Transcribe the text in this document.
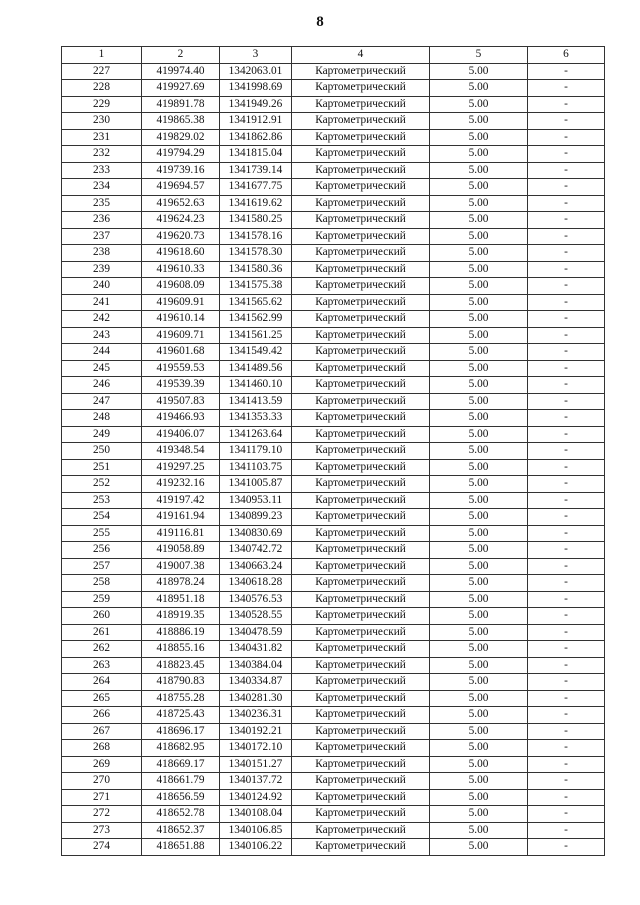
8
1	2	3	4	5	6
227	419974.40	1342063.01	Картометрический	5.00	-
228	419927.69	1341998.69	Картометрический	5.00	-
229	419891.78	1341949.26	Картометрический	5.00	-
230	419865.38	1341912.91	Картометрический	5.00	-
231	419829.02	1341862.86	Картометрический	5.00	-
232	419794.29	1341815.04	Картометрический	5.00	-
233	419739.16	1341739.14	Картометрический	5.00	-
234	419694.57	1341677.75	Картометрический	5.00	-
235	419652.63	1341619.62	Картометрический	5.00	-
236	419624.23	1341580.25	Картометрический	5.00	-
237	419620.73	1341578.16	Картометрический	5.00	-
238	419618.60	1341578.30	Картометрический	5.00	-
239	419610.33	1341580.36	Картометрический	5.00	-
240	419608.09	1341575.38	Картометрический	5.00	-
241	419609.91	1341565.62	Картометрический	5.00	-
242	419610.14	1341562.99	Картометрический	5.00	-
243	419609.71	1341561.25	Картометрический	5.00	-
244	419601.68	1341549.42	Картометрический	5.00	-
245	419559.53	1341489.56	Картометрический	5.00	-
246	419539.39	1341460.10	Картометрический	5.00	-
247	419507.83	1341413.59	Картометрический	5.00	-
248	419466.93	1341353.33	Картометрический	5.00	-
249	419406.07	1341263.64	Картометрический	5.00	-
250	419348.54	1341179.10	Картометрический	5.00	-
251	419297.25	1341103.75	Картометрический	5.00	-
252	419232.16	1341005.87	Картометрический	5.00	-
253	419197.42	1340953.11	Картометрический	5.00	-
254	419161.94	1340899.23	Картометрический	5.00	-
255	419116.81	1340830.69	Картометрический	5.00	-
256	419058.89	1340742.72	Картометрический	5.00	-
257	419007.38	1340663.24	Картометрический	5.00	-
258	418978.24	1340618.28	Картометрический	5.00	-
259	418951.18	1340576.53	Картометрический	5.00	-
260	418919.35	1340528.55	Картометрический	5.00	-
261	418886.19	1340478.59	Картометрический	5.00	-
262	418855.16	1340431.82	Картометрический	5.00	-
263	418823.45	1340384.04	Картометрический	5.00	-
264	418790.83	1340334.87	Картометрический	5.00	-
265	418755.28	1340281.30	Картометрический	5.00	-
266	418725.43	1340236.31	Картометрический	5.00	-
267	418696.17	1340192.21	Картометрический	5.00	-
268	418682.95	1340172.10	Картометрический	5.00	-
269	418669.17	1340151.27	Картометрический	5.00	-
270	418661.79	1340137.72	Картометрический	5.00	-
271	418656.59	1340124.92	Картометрический	5.00	-
272	418652.78	1340108.04	Картометрический	5.00	-
273	418652.37	1340106.85	Картометрический	5.00	-
274	418651.88	1340106.22	Картометрический	5.00	-
